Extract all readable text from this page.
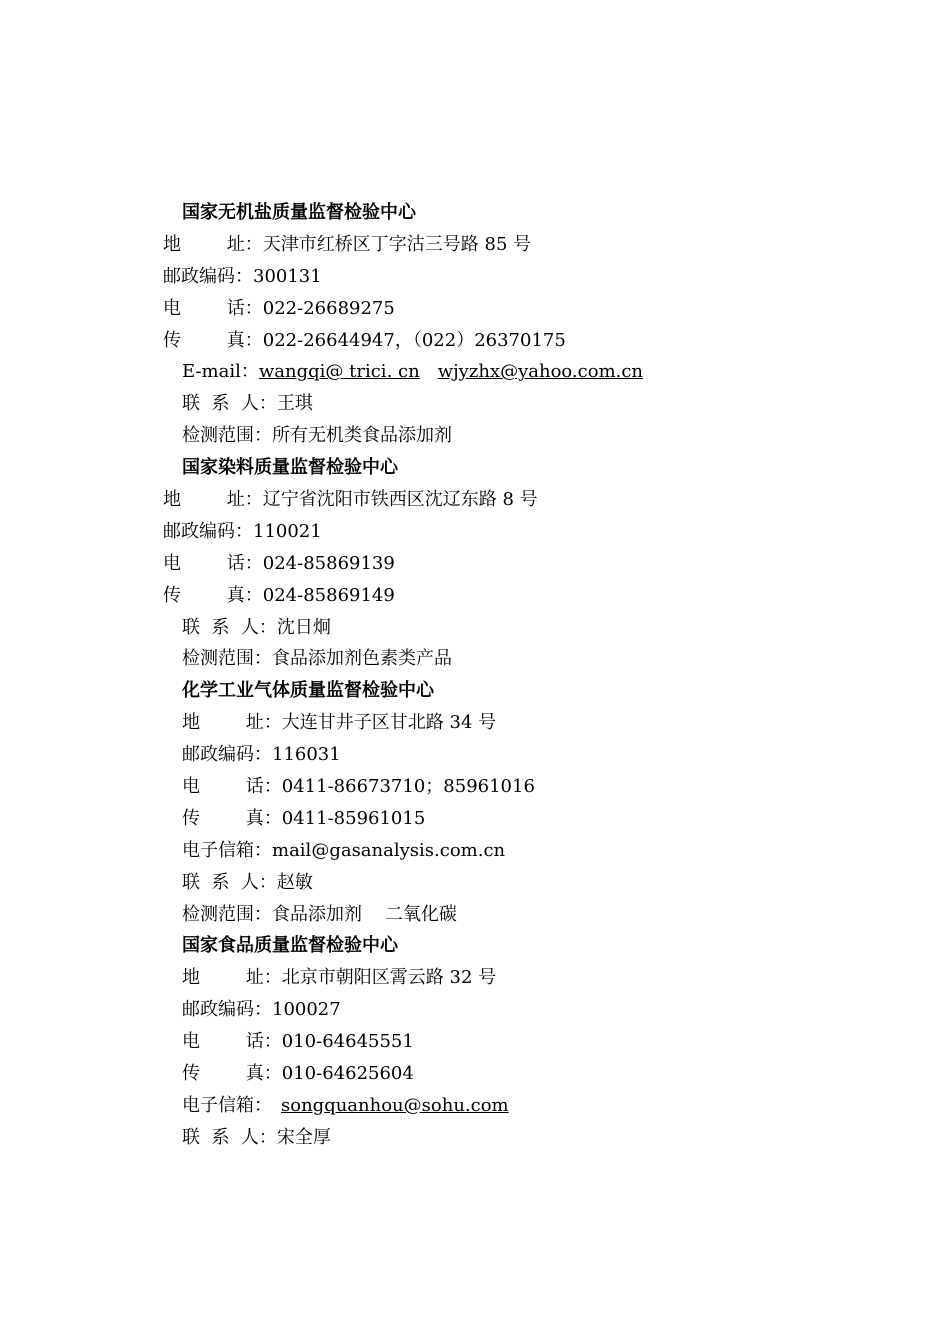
国家无机盐质量监督检验中心
地        址：天津市红桥区丁字沽三号路 85 号
邮政编码：300131
电        话：022-26689275
传        真：022-26644947，（022）26370175
E-mail：wangqi@ trici. cn wjyzhx@yahoo.com.cn
联  系  人：王琪
检测范围：所有无机类食品添加剂
国家染料质量监督检验中心
地        址：辽宁省沈阳市铁西区沈辽东路 8 号
邮政编码：110021
电        话：024-85869139
传        真：024-85869149
联  系  人：沈日炯
检测范围：食品添加剂色素类产品
化学工业气体质量监督检验中心
地        址：大连甘井子区甘北路 34 号
邮政编码：116031
电        话：0411-86673710；85961016
传        真：0411-85961015
电子信箱：mail@gasanalysis.com.cn
联  系  人：赵敏
检测范围：食品添加剂    二氧化碳
国家食品质量监督检验中心
地        址：北京市朝阳区霄云路 32 号
邮政编码：100027
电        话：010-64645551
传        真：010-64625604
电子信箱： songquanhou@sohu.com
联  系  人：宋全厚
